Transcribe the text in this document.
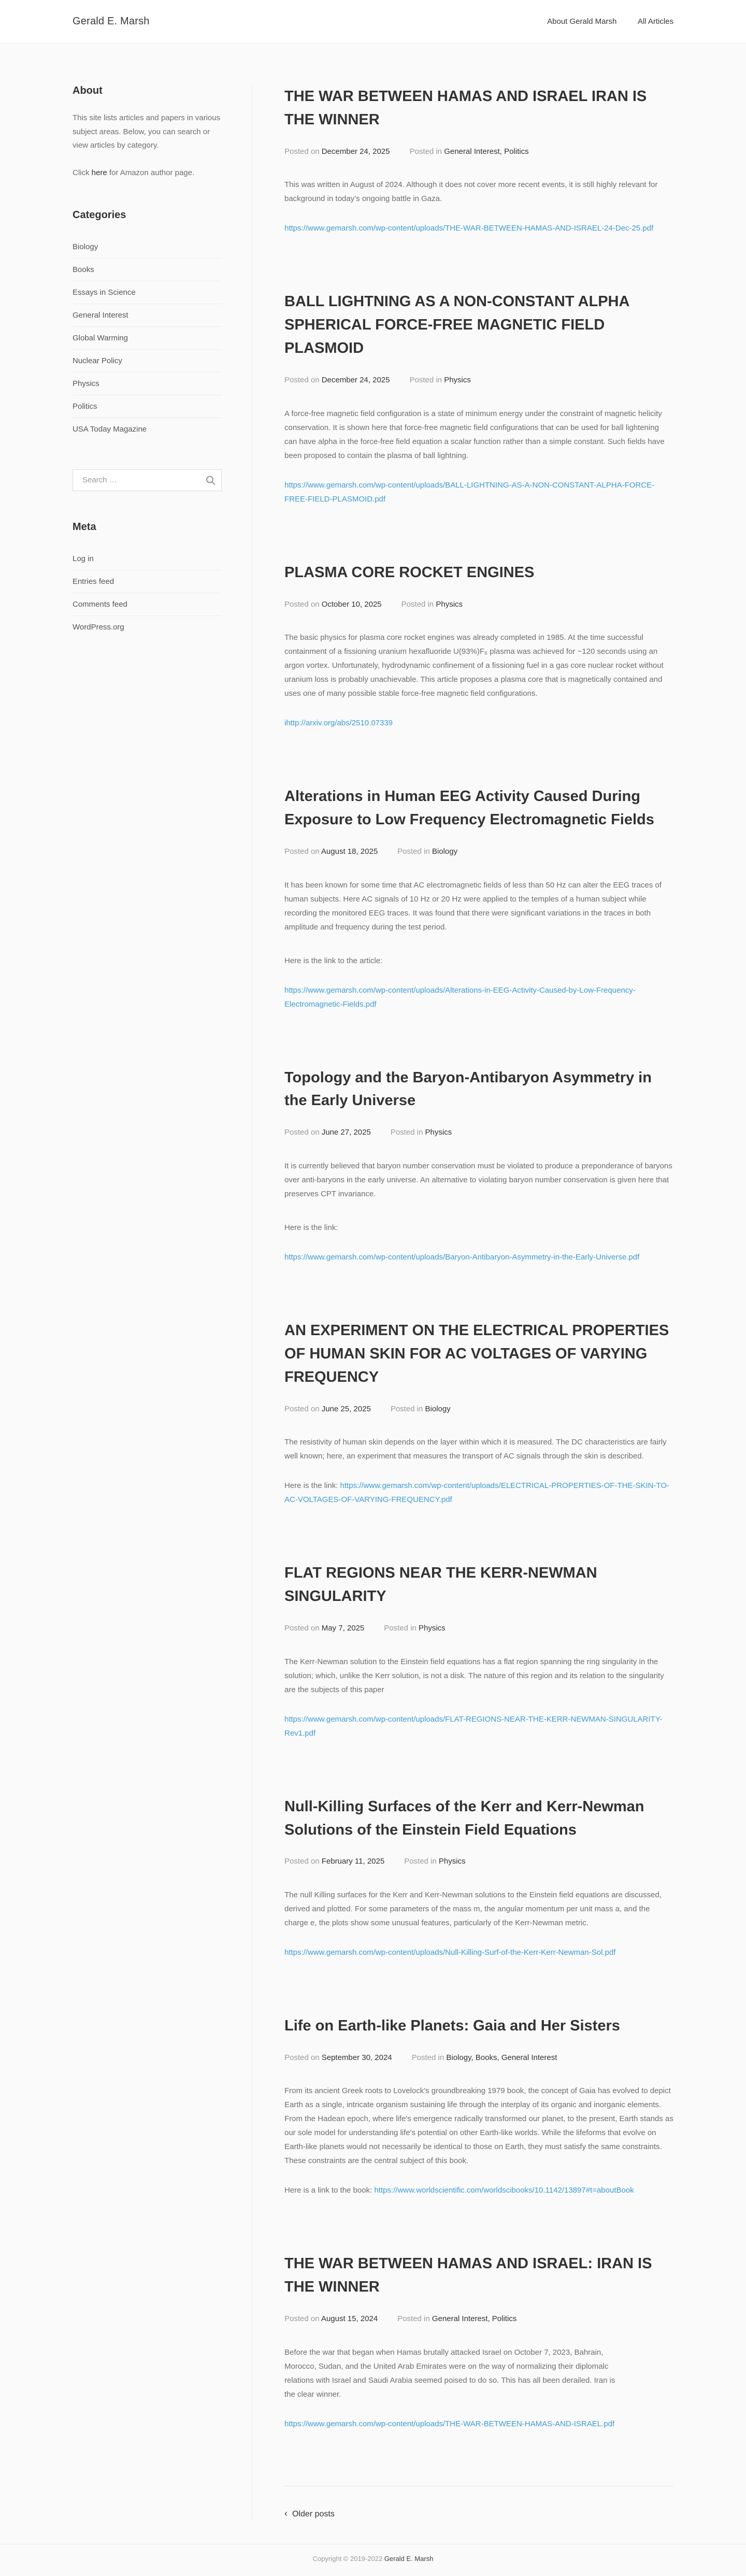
Gerald E. Marsh	About Gerald Marsh	All Articles
About

This site lists articles and papers in various subject areas. Below, you can search or view articles by category.

Click here for Amazon author page.

Categories
Biology
Books
Essays in Science
General Interest
Global Warming
Nuclear Policy
Physics
Politics
USA Today Magazine
Search …
Meta
Log in
Entries feed
Comments feed
WordPress.org
THE WAR BETWEEN HAMAS AND ISRAEL IRAN IS THE WINNER
Posted on December 24, 2025	Posted in General Interest, Politics

This was written in August of 2024. Although it does not cover more recent events, it is still highly relevant for background in today’s ongoing battle in Gaza.

https://www.gemarsh.com/wp-content/uploads/THE-WAR-BETWEEN-HAMAS-AND-ISRAEL-24-Dec-25.pdf

BALL LIGHTNING AS A NON-CONSTANT ALPHA SPHERICAL FORCE-FREE MAGNETIC FIELD PLASMOID
Posted on December 24, 2025	Posted in Physics

A force-free magnetic field configuration is a state of minimum energy under the constraint of magnetic helicity conservation. It is shown here that force-free magnetic field configurations that can be used for ball lightening can have alpha in the force-free field equation a scalar function rather than a simple constant. Such fields have been proposed to contain the plasma of ball lightning.

https://www.gemarsh.com/wp-content/uploads/BALL-LIGHTNING-AS-A-NON-CONSTANT-ALPHA-FORCE-FREE-FIELD-PLASMOID.pdf

PLASMA CORE ROCKET ENGINES
Posted on October 10, 2025	Posted in Physics

The basic physics for plasma core rocket engines was already completed in 1985. At the time successful containment of a fissioning uranium hexafluoride U(93%)F₆ plasma was achieved for ~120 seconds using an argon vortex. Unfortunately, hydrodynamic confinement of a fissioning fuel in a gas core nuclear rocket without uranium loss is probably unachievable. This article proposes a plasma core that is magnetically contained and uses one of many possible stable force-free magnetic field configurations.

ihttp://arxiv.org/abs/2510.07339

Alterations in Human EEG Activity Caused During Exposure to Low Frequency Electromagnetic Fields
Posted on August 18, 2025	Posted in Biology

It has been known for some time that AC electromagnetic fields of less than 50 Hz can alter the EEG traces of human subjects. Here AC signals of 10 Hz or 20 Hz were applied to the temples of a human subject while recording the monitored EEG traces. It was found that there were significant variations in the traces in both amplitude and frequency during the test period.

Here is the link to the article:

https://www.gemarsh.com/wp-content/uploads/Alterations-in-EEG-Activity-Caused-by-Low-Frequency-Electromagnetic-Fields.pdf

Topology and the Baryon-Antibaryon Asymmetry in the Early Universe
Posted on June 27, 2025	Posted in Physics

It is currently believed that baryon number conservation must be violated to produce a preponderance of baryons over anti-baryons in the early universe. An alternative to violating baryon number conservation is given here that preserves CPT invariance.

Here is the link:

https://www.gemarsh.com/wp-content/uploads/Baryon-Antibaryon-Asymmetry-in-the-Early-Universe.pdf

AN EXPERIMENT ON THE ELECTRICAL PROPERTIES OF HUMAN SKIN FOR AC VOLTAGES OF VARYING FREQUENCY
Posted on June 25, 2025	Posted in Biology

The resistivity of human skin depends on the layer within which it is measured. The DC characteristics are fairly well known; here, an experiment that measures the transport of AC signals through the skin is described.

Here is the link: https://www.gemarsh.com/wp-content/uploads/ELECTRICAL-PROPERTIES-OF-THE-SKIN-TO-AC-VOLTAGES-OF-VARYING-FREQUENCY.pdf

FLAT REGIONS NEAR THE KERR-NEWMAN SINGULARITY
Posted on May 7, 2025	Posted in Physics

The Kerr-Newman solution to the Einstein field equations has a flat region spanning the ring singularity in the solution; which, unlike the Kerr solution, is not a disk. The nature of this region and its relation to the singularity are the subjects of this paper

https://www.gemarsh.com/wp-content/uploads/FLAT-REGIONS-NEAR-THE-KERR-NEWMAN-SINGULARITY-Rev1.pdf

Null-Killing Surfaces of the Kerr and Kerr-Newman Solutions of the Einstein Field Equations
Posted on February 11, 2025	Posted in Physics

The null Killing surfaces for the Kerr and Kerr-Newman solutions to the Einstein field equations are discussed, derived and plotted. For some parameters of the mass m, the angular momentum per unit mass a, and the charge e, the plots show some unusual features, particularly of the Kerr-Newman metric.

https://www.gemarsh.com/wp-content/uploads/Null-Killing-Surf-of-the-Kerr-Kerr-Newman-Sol.pdf

Life on Earth-like Planets: Gaia and Her Sisters
Posted on September 30, 2024	Posted in Biology, Books, General Interest

From its ancient Greek roots to Lovelock's groundbreaking 1979 book, the concept of Gaia has evolved to depict Earth as a single, intricate organism sustaining life through the interplay of its organic and inorganic elements. From the Hadean epoch, where life's emergence radically transformed our planet, to the present, Earth stands as our sole model for understanding life's potential on other Earth-like worlds. While the lifeforms that evolve on Earth-like planets would not necessarily be identical to those on Earth, they must satisfy the same constraints. These constraints are the central subject of this book.

Here is a link to the book: https://www.worldscientific.com/worldscibooks/10.1142/13897#t=aboutBook

THE WAR BETWEEN HAMAS AND ISRAEL: IRAN IS THE WINNER
Posted on August 15, 2024	Posted in General Interest, Politics

Before the war that began when Hamas brutally attacked Israel on October 7, 2023, Bahrain, Morocco, Sudan, and the United Arab Emirates were on the way of normalizing their diplomalc relations with Israel and Saudi Arabia seemed poised to do so. This has all been derailed. Iran is the clear winner.

https://www.gemarsh.com/wp-content/uploads/THE-WAR-BETWEEN-HAMAS-AND-ISRAEL.pdf

‹ Older posts
Copyright © 2019-2022 Gerald E. Marsh
